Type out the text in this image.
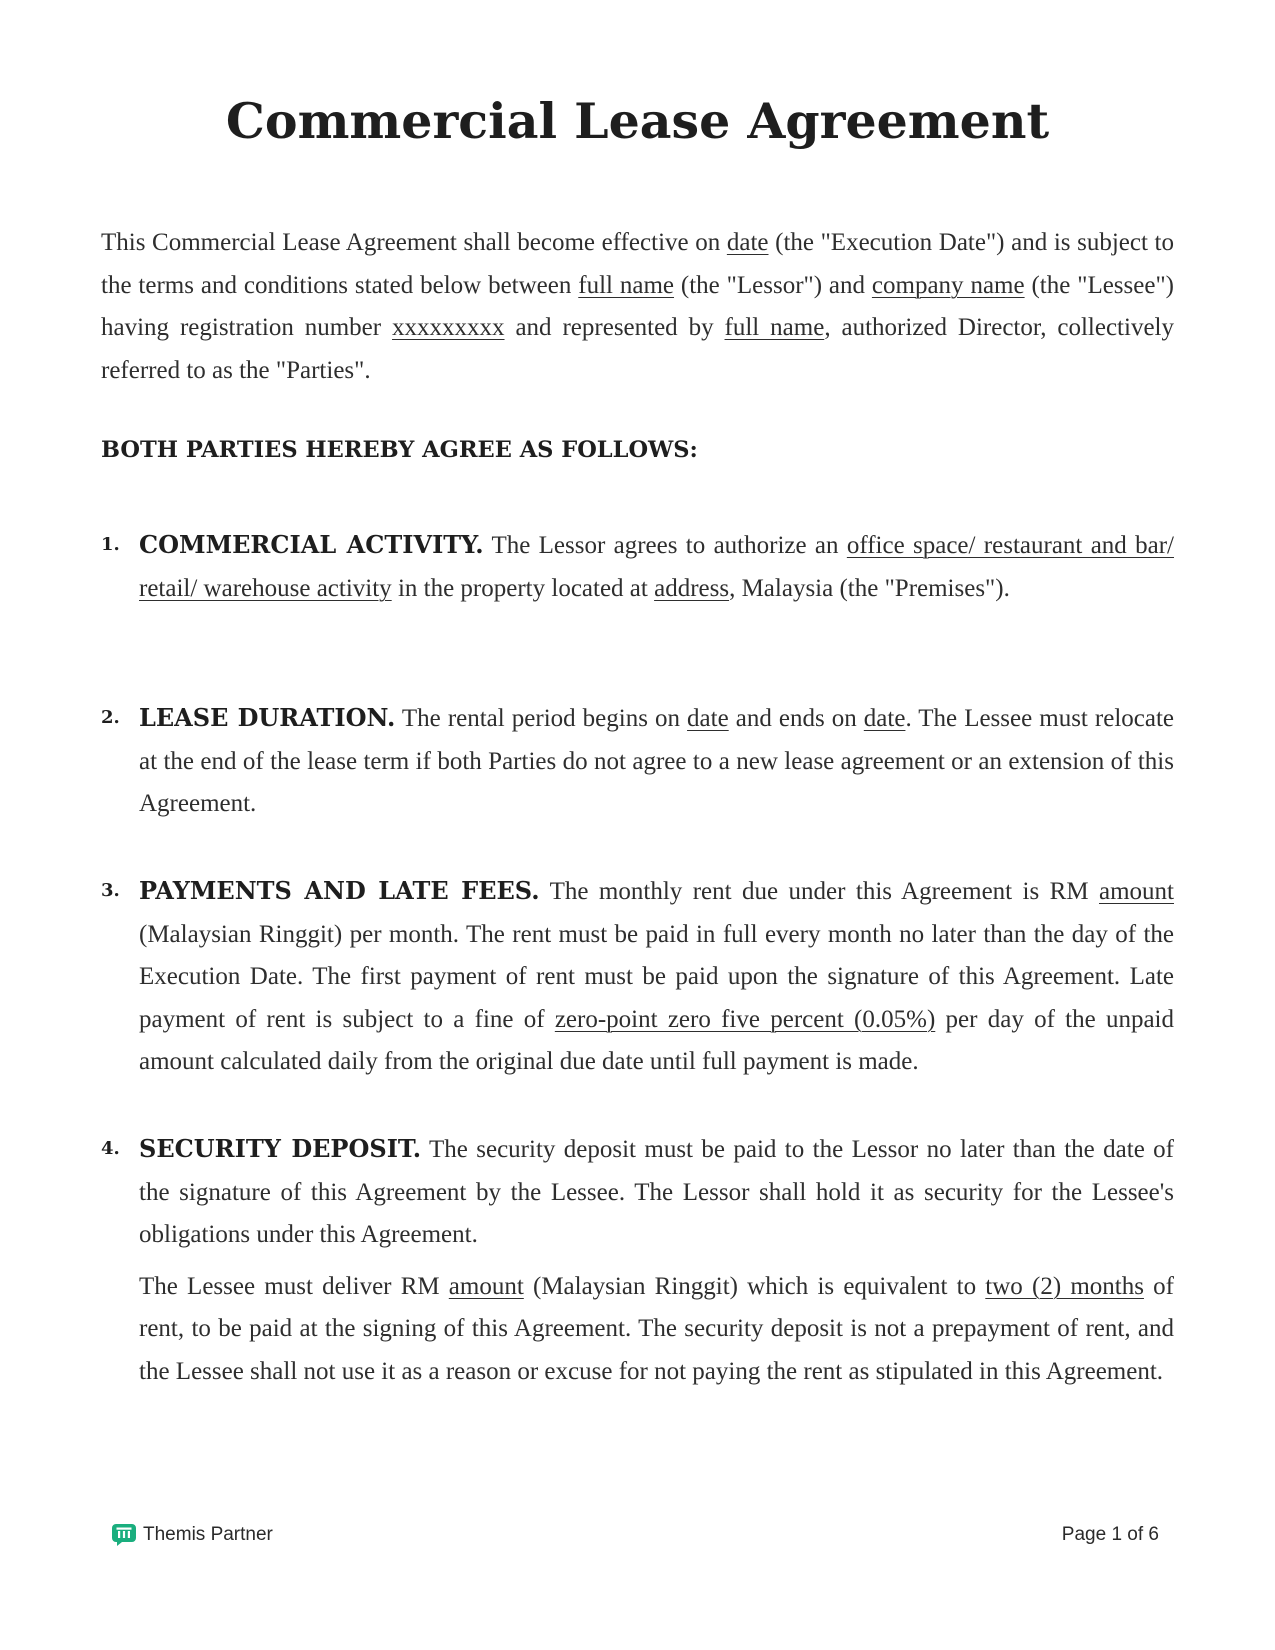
Commercial Lease Agreement

This Commercial Lease Agreement shall become effective on date (the "Execution Date") and is subject to the terms and conditions stated below between full name (the "Lessor") and company name (the "Lessee") having registration number xxxxxxxxx and represented by full name, authorized Director, collectively referred to as the "Parties".

BOTH PARTIES HEREBY AGREE AS FOLLOWS:

1. COMMERCIAL ACTIVITY. The Lessor agrees to authorize an office space/ restaurant and bar/ retail/ warehouse activity in the property located at address, Malaysia (the "Premises").

2. LEASE DURATION. The rental period begins on date and ends on date. The Lessee must relocate at the end of the lease term if both Parties do not agree to a new lease agreement or an extension of this Agreement.

3. PAYMENTS AND LATE FEES. The monthly rent due under this Agreement is RM amount (Malaysian Ringgit) per month. The rent must be paid in full every month no later than the day of the Execution Date. The first payment of rent must be paid upon the signature of this Agreement. Late payment of rent is subject to a fine of zero-point zero five percent (0.05%) per day of the unpaid amount calculated daily from the original due date until full payment is made.

4. SECURITY DEPOSIT. The security deposit must be paid to the Lessor no later than the date of the signature of this Agreement by the Lessee. The Lessor shall hold it as security for the Lessee's obligations under this Agreement.

The Lessee must deliver RM amount (Malaysian Ringgit) which is equivalent to two (2) months of rent, to be paid at the signing of this Agreement. The security deposit is not a prepayment of rent, and the Lessee shall not use it as a reason or excuse for not paying the rent as stipulated in this Agreement.

Themis Partner	Page 1 of 6
